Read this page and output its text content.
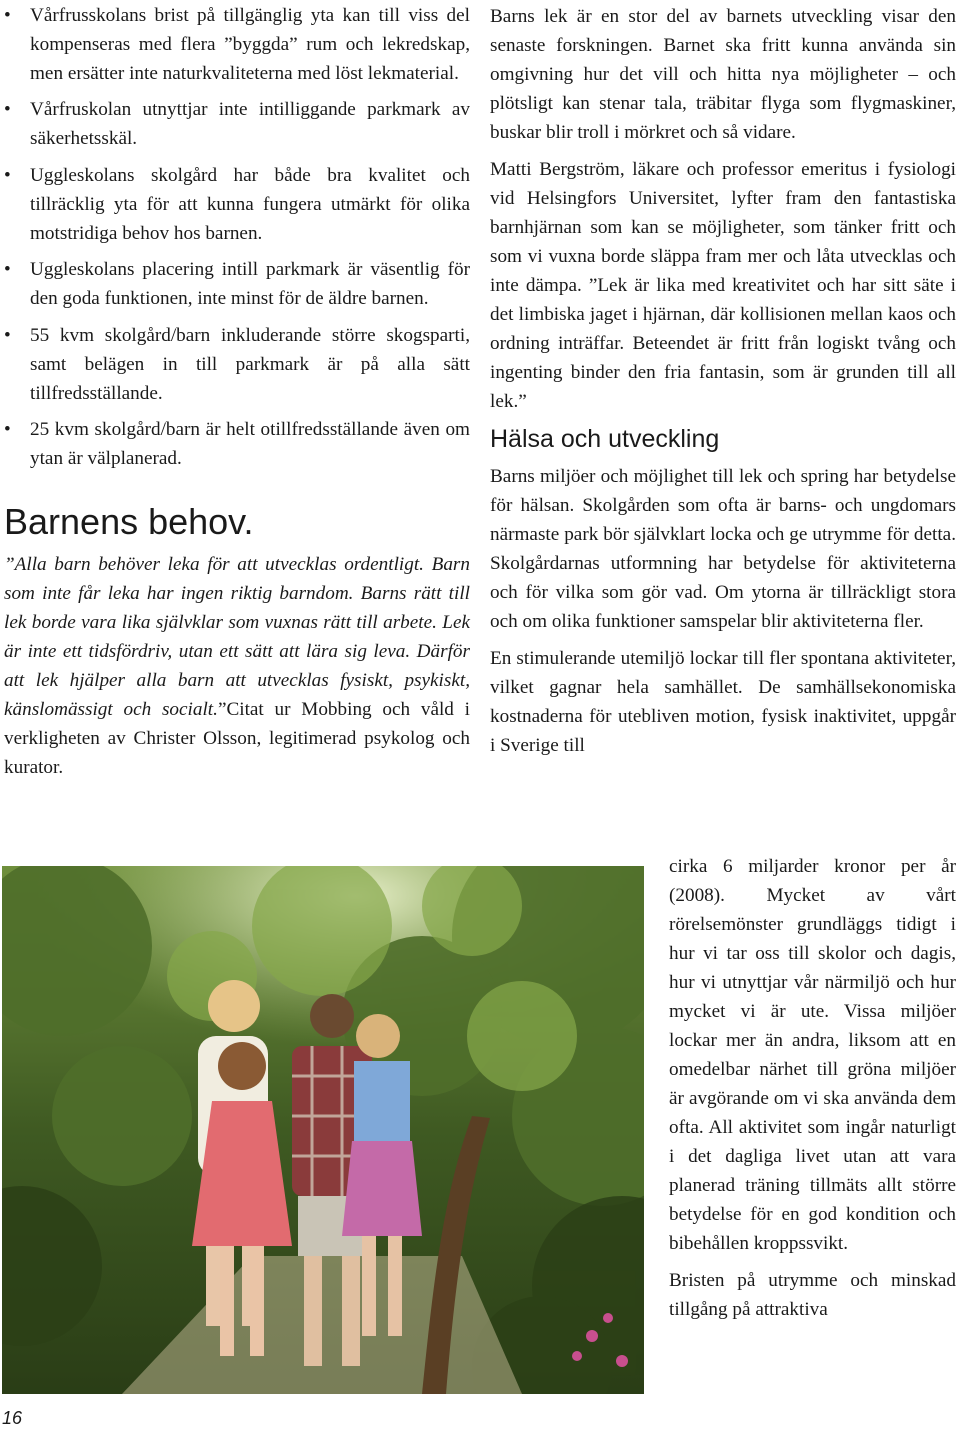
•	Vårfrusskolans brist på tillgänglig yta kan till viss del kompenseras med flera ”byggda” rum och lekredskap, men ersätter inte naturkvaliteterna med löst lekmaterial.
•	Vårfruskolan utnyttjar inte intilliggande parkmark av säkerhetsskäl.
•	Uggleskolans skolgård har både bra kvalitet och tillräcklig yta för att kunna fungera utmärkt för olika motstridiga behov hos barnen.
•	Uggleskolans placering intill parkmark är väsentlig för den goda funktionen, inte minst för de äldre barnen.
•	55 kvm skolgård/barn inkluderande större skogsparti, samt belägen in till parkmark är på alla sätt tillfredsställande.
•	25 kvm skolgård/barn är helt otillfredsställande även om ytan är välplanerad.
Barnens behov.

”Alla barn behöver leka för att utvecklas ordentligt. Barn som inte får leka har ingen riktig barndom. Barns rätt till lek borde vara lika självklar som vuxnas rätt till arbete. Lek är inte ett tidsfördriv, utan ett sätt att lära sig leva. Därför att lek hjälper alla barn att utvecklas fysiskt, psykiskt, känslomässigt och socialt.”Citat ur Mobbing och våld i verkligheten av Christer Olsson, legitimerad psykolog och kurator.

Barns lek är en stor del av barnets utveckling visar den senaste forskningen. Barnet ska fritt kunna använda sin omgivning hur det vill och hitta nya möjligheter – och plötsligt kan stenar tala, träbitar flyga som flygmaskiner, buskar blir troll i mörkret och så vidare.

Matti Bergström, läkare och professor emeritus i fysiologi vid Helsingfors Universitet, lyfter fram den fantastiska barnhjärnan som kan se möjligheter, som tänker fritt och som vi vuxna borde släppa fram mer och låta utvecklas och inte dämpa. ”Lek är lika med kreativitet och har sitt säte i det limbiska jaget i hjärnan, där kollisionen mellan kaos och ordning inträffar. Beteendet är fritt från logiskt tvång och ingenting binder den fria fantasin, som är grunden till all lek.”

Hälsa och utveckling

Barns miljöer och möjlighet till lek och spring har betydelse för hälsan. Skolgården som ofta är barns- och ungdomars närmaste park bör självklart locka och ge utrymme för detta. Skolgårdarnas utformning har betydelse för aktiviteterna och för vilka som gör vad. Om ytorna är tillräckligt stora och om olika funktioner samspelar blir aktiviteterna fler.

En stimulerande utemiljö lockar till fler spontana aktiviteter, vilket gagnar hela samhället. De samhällsekonomiska kostnaderna för utebliven motion, fysisk inaktivitet, uppgår i Sverige till

cirka 6 miljarder kronor per år (2008). Mycket av vårt rörelsemönster grundläggs tidigt i hur vi tar oss till skolor och dagis, hur vi utnyttjar vår närmiljö och hur mycket vi är ute. Vissa miljöer lockar mer än andra, liksom att en omedelbar närhet till gröna miljöer är avgörande om vi ska använda dem ofta. All aktivitet som ingår naturligt i det dagliga livet utan att vara planerad träning tillmäts allt större betydelse för en god kondition och bibehållen kroppssvikt.

Bristen på utrymme och minskad tillgång på attraktiva

16
